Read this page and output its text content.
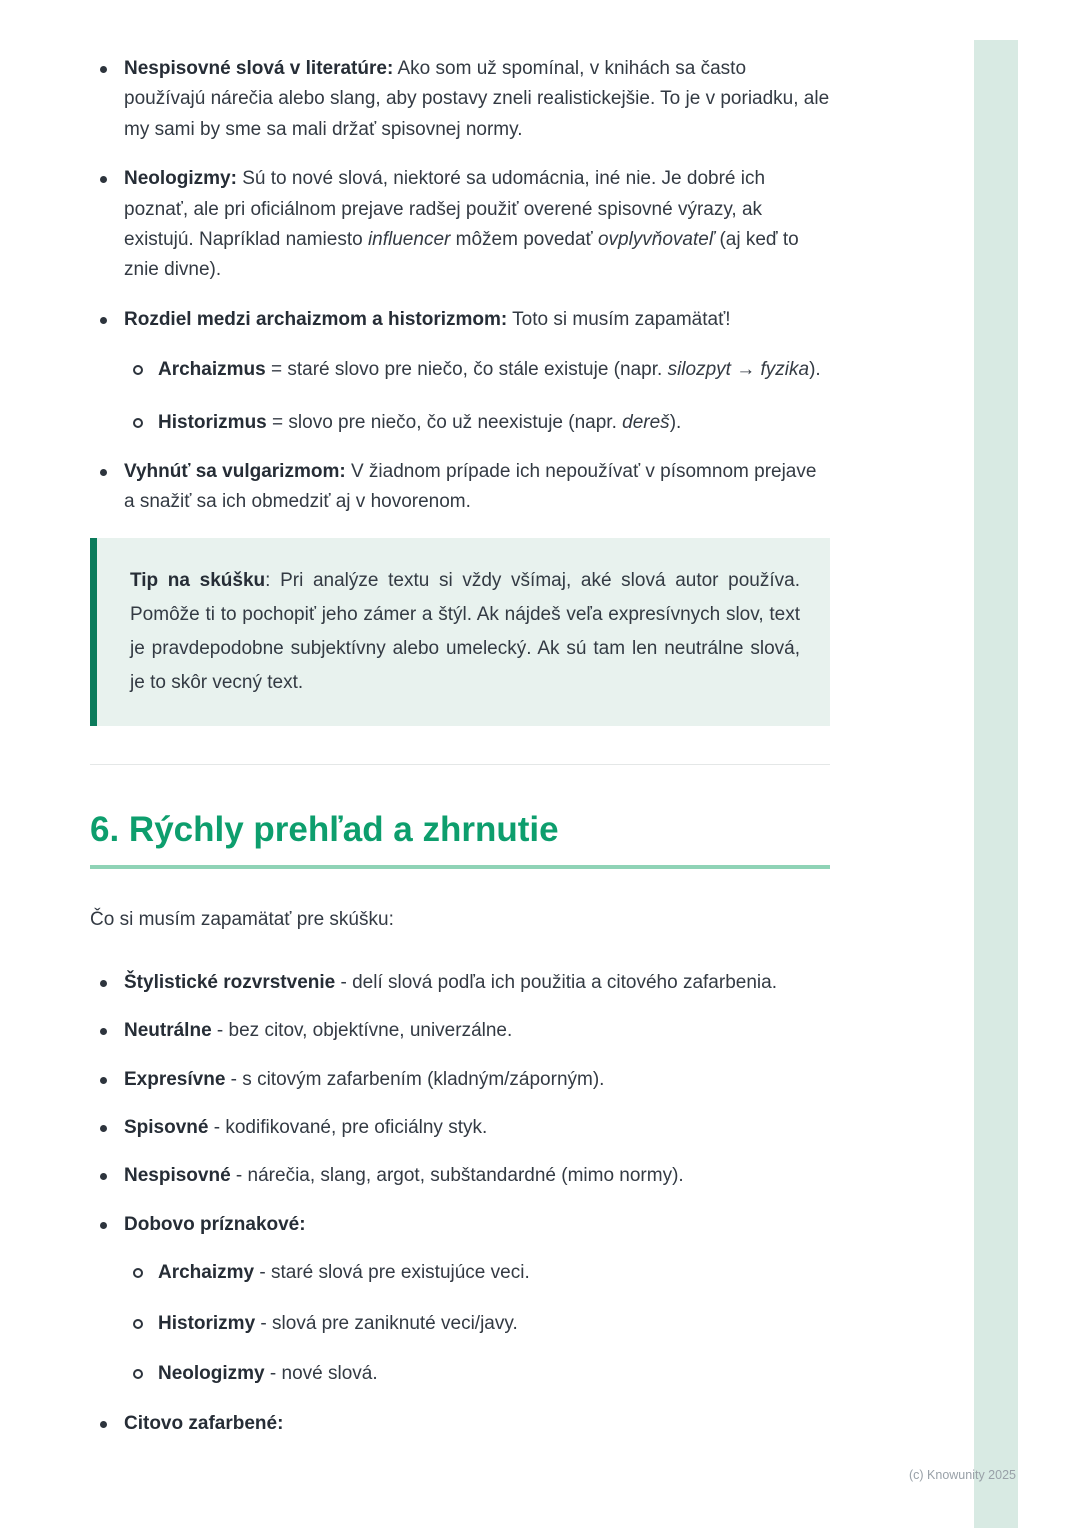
Nespisovné slová v literatúre: Ako som už spomínal, v knihách sa často používajú nárečia alebo slang, aby postavy zneli realistickejšie. To je v poriadku, ale my sami by sme sa mali držať spisovnej normy.
Neologizmy: Sú to nové slová, niektoré sa udomácnia, iné nie. Je dobré ich poznať, ale pri oficiálnom prejave radšej použiť overené spisovné výrazy, ak existujú. Napríklad namiesto influencer môžem povedať ovplyvňovateľ (aj keď to znie divne).
Rozdiel medzi archaizmom a historizmom: Toto si musím zapamätať!
Archaizmus = staré slovo pre niečo, čo stále existuje (napr. silozpyt → fyzika).
Historizmus = slovo pre niečo, čo už neexistuje (napr. dereš).
Vyhnúť sa vulgarizmom: V žiadnom prípade ich nepoužívať v písomnom prejave a snažiť sa ich obmedziť aj v hovorenom.

Tip na skúšku: Pri analýze textu si vždy všímaj, aké slová autor používa. Pomôže ti to pochopiť jeho zámer a štýl. Ak nájdeš veľa expresívnych slov, text je pravdepodobne subjektívny alebo umelecký. Ak sú tam len neutrálne slová, je to skôr vecný text.

6. Rýchly prehľad a zhrnutie

Čo si musím zapamätať pre skúšku:

Štylistické rozvrstvenie - delí slová podľa ich použitia a citového zafarbenia.
Neutrálne - bez citov, objektívne, univerzálne.
Expresívne - s citovým zafarbením (kladným/záporným).
Spisovné - kodifikované, pre oficiálny styk.
Nespisovné - nárečia, slang, argot, subštandardné (mimo normy).
Dobovo príznakové:
Archaizmy - staré slová pre existujúce veci.
Historizmy - slová pre zaniknuté veci/javy.
Neologizmy - nové slová.
Citovo zafarbené:
(c) Knowunity 2025
